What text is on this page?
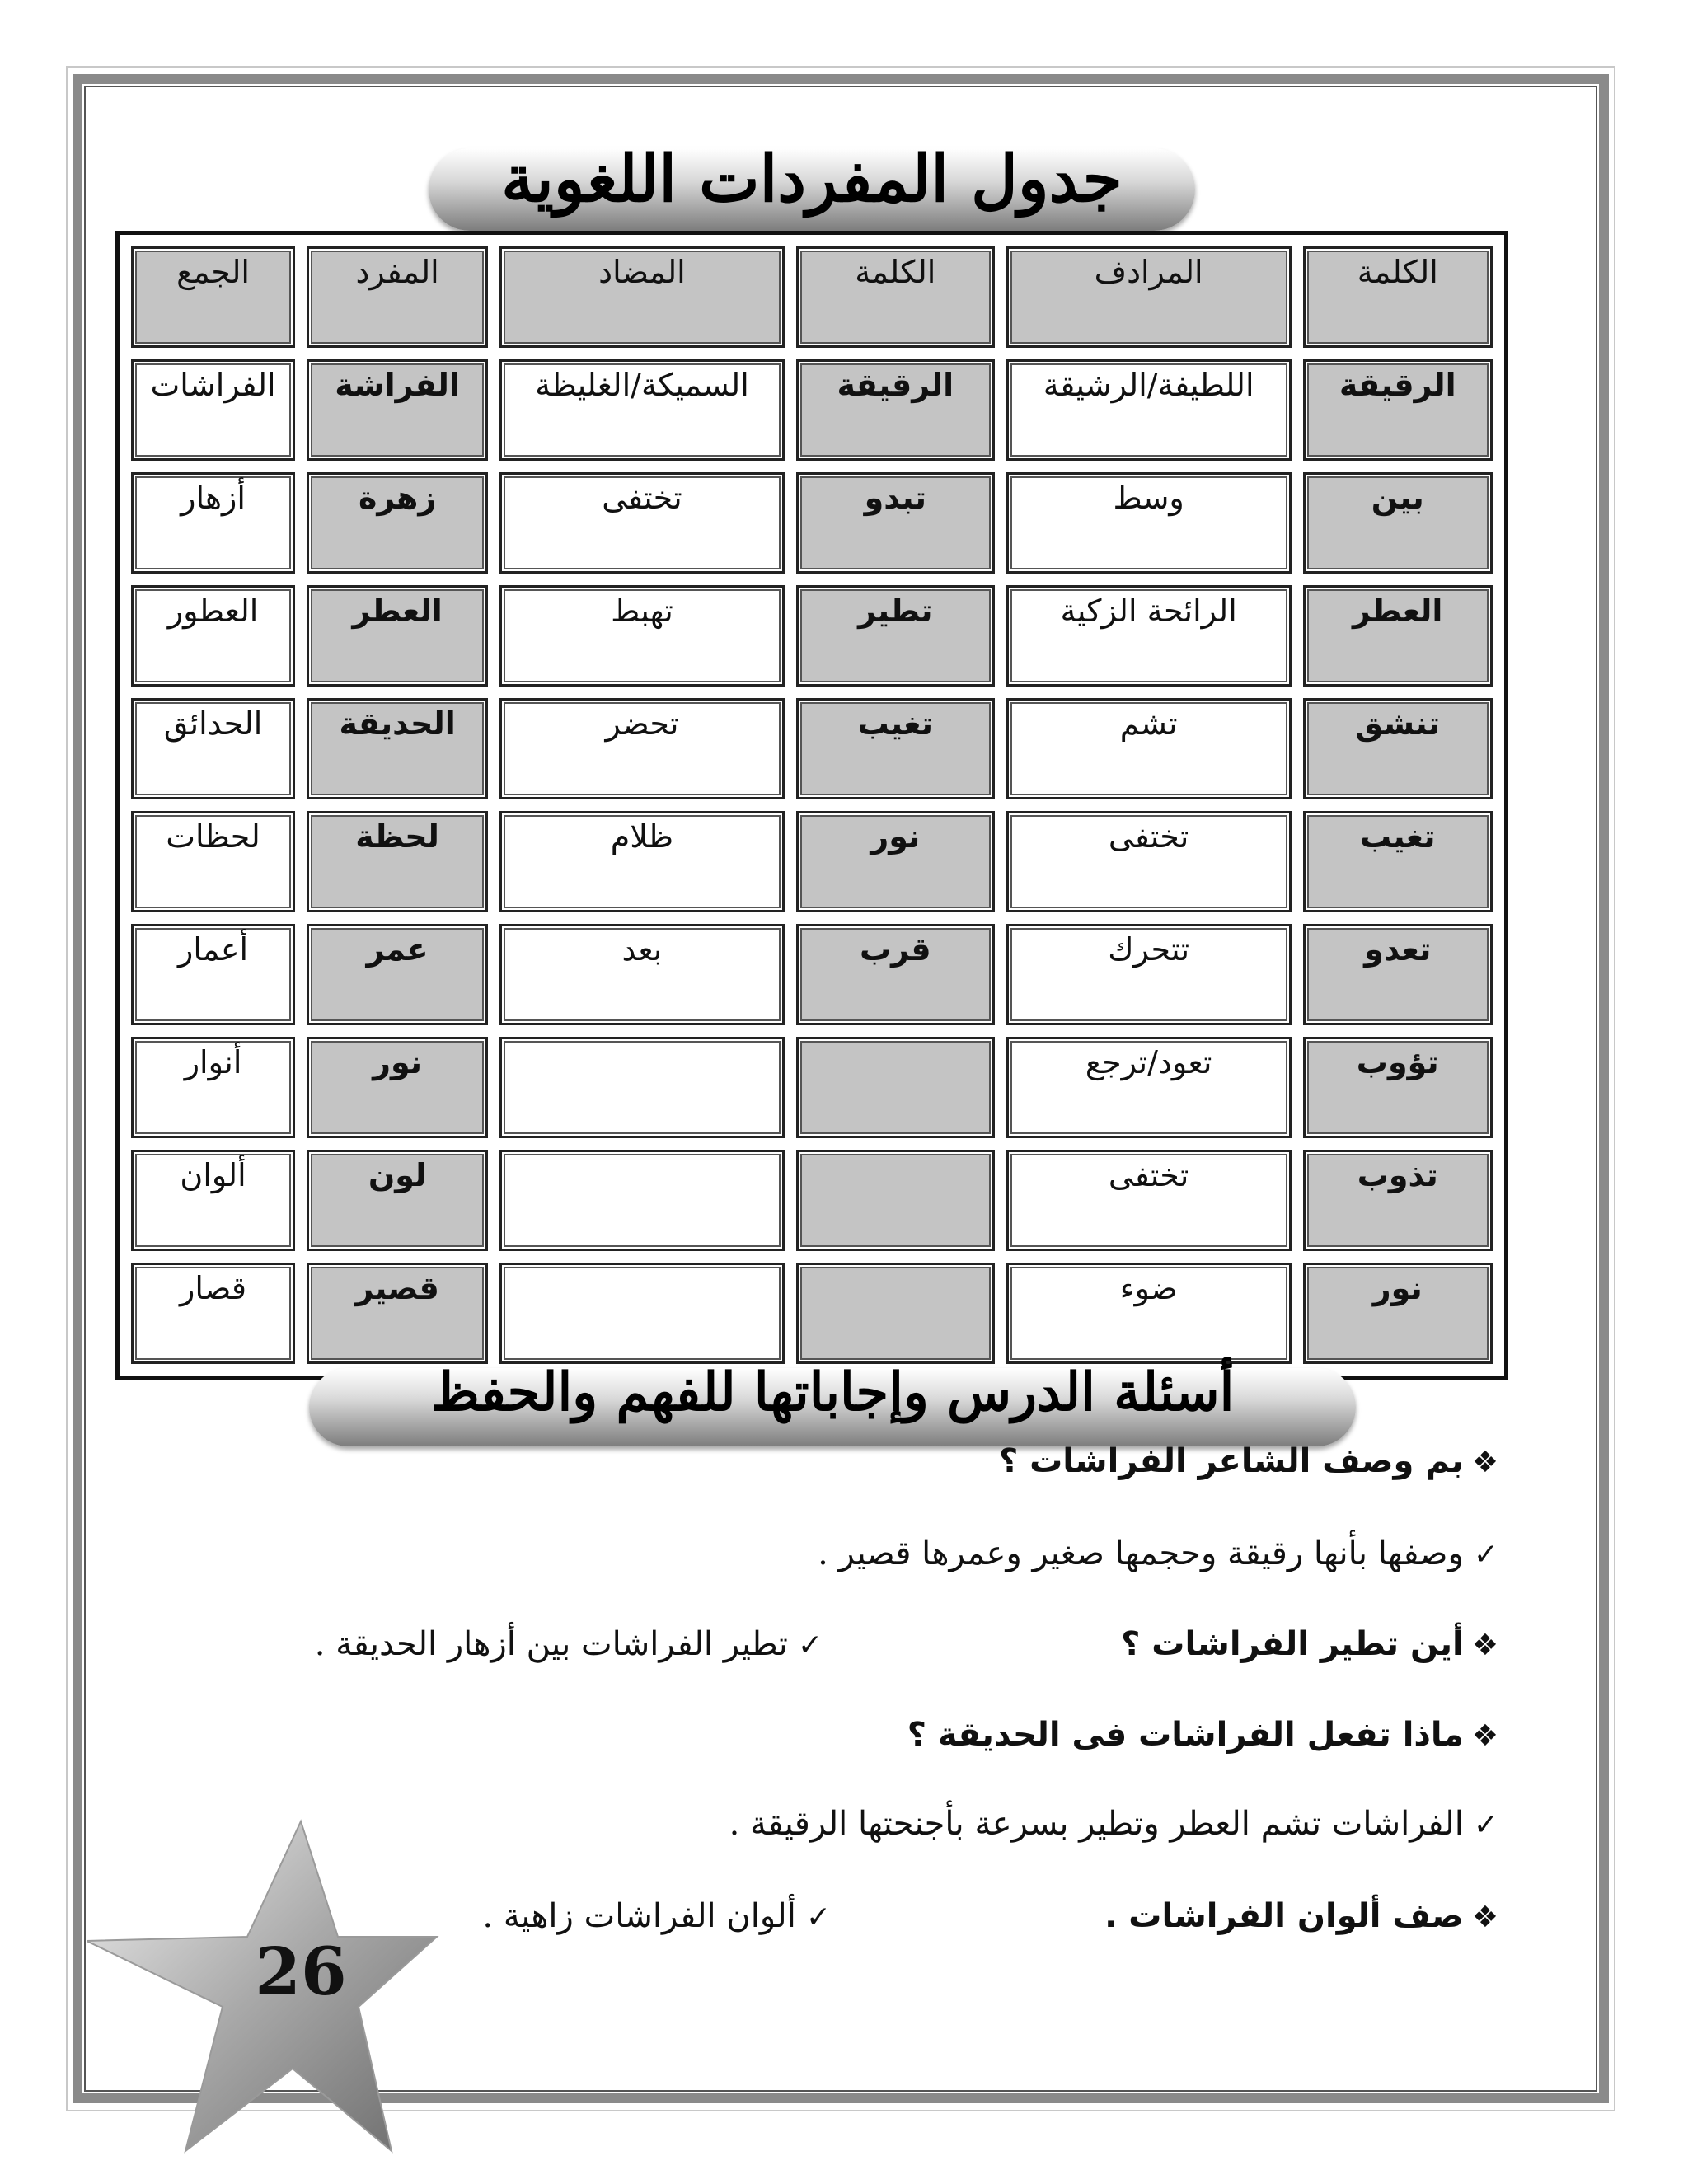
جدول المفردات اللغوية
الكلمة	المرادف	الكلمة	المضاد	المفرد	الجمع
الرقيقة	اللطيفة/الرشيقة	الرقيقة	السميكة/الغليظة	الفراشة	الفراشات
بين	وسط	تبدو	تختفى	زهرة	أزهار
العطر	الرائحة الزكية	تطير	تهبط	العطر	العطور
تنشق	تشم	تغيب	تحضر	الحديقة	الحدائق
تغيب	تختفى	نور	ظلام	لحظة	لحظات
تعدو	تتحرك	قرب	بعد	عمر	أعمار
تؤوب	تعود/ترجع			نور	أنوار
تذوب	تختفى			لون	ألوان
نور	ضوء			قصير	قصار
أسئلة الدرس وإجاباتها للفهم والحفظ
❖بم وصف الشاعر الفراشات ؟
✓وصفها بأنها رقيقة وحجمها صغير وعمرها قصير .
❖أين تطير الفراشات ؟
✓تطير الفراشات بين أزهار الحديقة .
❖ماذا تفعل الفراشات فى الحديقة ؟
✓الفراشات تشم العطر وتطير بسرعة بأجنحتها الرقيقة .
26
❖صف ألوان الفراشات .
✓ألوان الفراشات زاهية .
